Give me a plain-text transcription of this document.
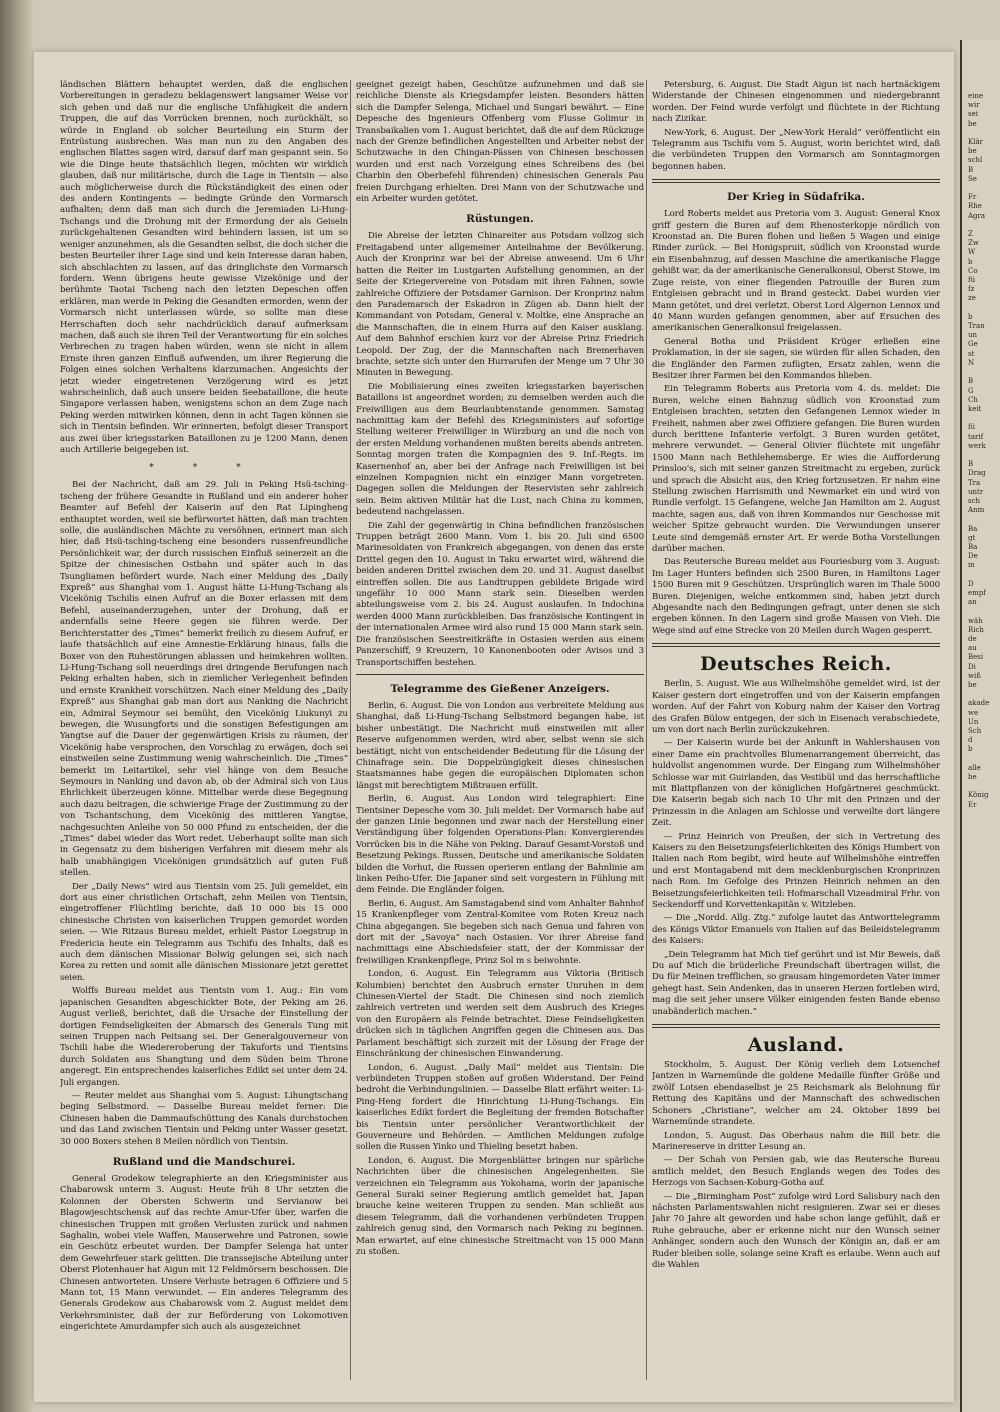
ländischen Blättern behauptet werden, daß die englischen Vorbereitungen in geradezu beklagenswert langsamer Weise vor sich gehen und daß nur die englische Unfähigkeit die andern Truppen, die auf das Vorrücken brennen, noch zurückhält, so würde in England ob solcher Beurteilung ein Sturm der Entrüstung ausbrechen. Was man nun zu den Angaben des englischen Blattes sagen wird, darauf darf man gespannt sein. So wie die Dinge heute thatsächlich liegen, möchten wir wirklich glauben, daß nur militärische, durch die Lage in Tientsin — also auch möglicherweise durch die Rückständigkeit des einen oder des andern Kontingents — bedingte Gründe den Vormarsch aufhalten; denn daß man sich durch die Jeremiaden Li-Hung-Tschangs und die Drohung mit der Ermordung der als Geiseln zurückgehaltenen Gesandten wird behindern lassen, ist um so weniger anzunehmen, als die Gesandten selbst, die doch sicher die besten Beurteiler ihrer Lage sind und kein Interesse daran haben, sich abschlachten zu lassen, auf das dringlichste den Vormarsch fordern. Wenn übrigens heute gewisse Vizekönige und der berühmte Taotai Tscheng nach den letzten Depeschen offen erklären, man werde in Peking die Gesandten ermorden, wenn der Vormarsch nicht unterlassen würde, so sollte man diese Herrschaften doch sehr nachdrücklich darauf aufmerksam machen, daß auch sie ihren Teil der Verantwortung für ein solches Verbrechen zu tragen haben würden, wenn sie nicht in allem Ernste ihren ganzen Einfluß aufwenden, um ihrer Regierung die Folgen eines solchen Verhaltens klarzumachen. Angesichts der jetzt wieder eingetretenen Verzögerung wird es jetzt wahrscheinlich, daß auch unsere beiden Seebataillone, die heute Singapore verlassen haben, wenigstens schon an dem Zuge nach Peking werden mitwirken können, denn in acht Tagen können sie sich in Tientsin befinden. Wir erinnerten, befolgt dieser Transport aus zwei über kriegsstarken Bataillonen zu je 1200 Mann, denen auch Artillerie beigegeben ist.

* * *

Bei der Nachricht, daß am 29. Juli in Peking Hsü-tsching-tscheng der frühere Gesandte in Rußland und ein anderer hoher Beamter auf Befehl der Kaiserin auf den Rat Lipingheng enthauptet worden, weil sie befürwortet hätten, daß man trachten solle, die ausländischen Mächte zu versöhnen, erinnert man sich hier, daß Hsü-tsching-tscheng eine besonders russenfreundliche Persönlichkeit war, der durch russischen Einfluß seinerzeit an die Spitze der chinesischen Ostbahn und später auch in das Tsungliamen befördert wurde. Nach einer Meldung des „Daily Expreß“ aus Shanghai vom 1. August hätte Li-Hung-Tschang als Vicekönig Tschilis einen Aufruf an die Boxer erlassen mit dem Befehl, auseinanderzugehen, unter der Drohung, daß er andernfalls seine Heere gegen sie führen werde. Der Berichterstatter des „Times“ bemerkt freilich zu diesem Aufruf, er laufe thatsächlich auf eine Amnestie-Erklärung hinaus, falls die Boxer von den Ruhestörungen ablassen und heimkehren wollten. Li-Hung-Tschang soll neuerdings drei dringende Berufungen nach Peking erhalten haben, sich in ziemlicher Verlegenheit befinden und ernste Krankheit vorschützen. Nach einer Meldung des „Daily Expreß“ aus Shanghai gab man dort aus Nanking die Nachricht ein, Admiral Seymour sei bemüht, den Vicekönig Liukunyi zu bewegen, die Wusungforts und die sonstigen Befestigungen am Yangtse auf die Dauer der gegenwärtigen Krisis zu räumen, der Vicekönig habe versprochen, den Vorschlag zu erwägen, doch sei einstweilen seine Zustimmung wenig wahrscheinlich. Die „Times“ bemerkt im Leitartikel, sehr viel hänge von dem Besuche Seymours in Nanking und davon ab, ob der Admiral sich von Lius Ehrlichkeit überzeugen könne. Mittelbar werde diese Begegnung auch dazu beitragen, die schwierige Frage der Zustimmung zu der von Tschantschung, dem Vicekönig des mittleren Yangtse, nachgesuchten Anleihe von 50 000 Pfund zu entscheiden, der die „Times“ dabei wieder das Wort redet. Ueberhaupt sollte man sich in Gegensatz zu dem bisherigen Verfahren mit diesem mehr als halb unabhängigen Vicekönigen grundsätzlich auf guten Fuß stellen.

Der „Daily News“ wird aus Tientsin vom 25. Juli gemeldet, ein dort aus einer christlichen Ortschaft, zehn Meilen von Tientsin, eingetroffener Flüchtling berichte, daß 10 000 bis 15 000 chinesische Christen von kaiserlichen Truppen gemordet worden seien. — Wie Ritzaus Bureau meldet, erhielt Pastor Loegstrup in Fredericia heute ein Telegramm aus Tschifu des Inhalts, daß es auch dem dänischen Missionar Bolwig gelungen sei, sich nach Korea zu retten und somit alle dänischen Missionare jetzt gerettet seien.

Wolffs Bureau meldet aus Tientsin vom 1. Aug.: Ein vom japanischen Gesandten abgeschickter Bote, der Peking am 26. August verließ, berichtet, daß die Ursache der Einstellung der dortigen Feindseligkeiten der Abmarsch des Generals Tung mit seinen Truppen nach Peitsang sei. Der Generalgouverneur von Tschili habe die Wiedereroberung der Takuforts und Tientsins durch Soldaten aus Shangtung und dem Süden beim Throne angeregt. Ein entsprechendes kaiserliches Edikt sei unter dem 24. Juli ergangen.

— Reuter meldet aus Shanghai vom 5. August: Lihungtschang beging Selbstmord. — Dasselbe Bureau meldet ferner: Die Chinesen haben die Dammaufschüttung des Kanals durchstochen und das Land zwischen Tientsin und Peking unter Wasser gesetzt. 30 000 Boxers stehen 8 Meilen nördlich von Tientsin.

Rußland und die Mandschurei.

General Grodekow telegraphierte an den Kriegsminister aus Chabarowsk unterm 3. August: Heute früh 8 Uhr setzten die Kolonnen der Obersten Schwerin und Servianow bei Blagowjeschtschensk auf das rechte Amur-Ufer über, warfen die chinesischen Truppen mit großen Verlusten zurück und nahmen Saghalin, wobei viele Waffen, Mauserwehre und Patronen, sowie ein Geschütz erbeutet wurden. Der Dampfer Selenga hat unter dem Gewehrfeuer stark gelitten. Die transsejische Abteilung unter Oberst Plotenhauer hat Aigun mit 12 Feldmörsern beschossen. Die Chinesen antworteten. Unsere Verluste betragen 6 Offiziere und 5 Mann tot, 15 Mann verwundet. — Ein anderes Telegramm des Generals Grodekow aus Chabarowsk vom 2. August meldet dem Verkehrsminister, daß der zur Beförderung von Lokomotiven eingerichtete Amurdampfer sich auch als ausgezeichnet

geeignet gezeigt haben, Geschütze aufzunehmen und daß sie reichliche Dienste als Kriegsdampfer leisten. Besonders hätten sich die Dampfer Selenga, Michael und Sungari bewährt. — Eine Depesche des Ingenieurs Offenberg vom Flusse Golimur in Transbaikalien vom 1. August berichtet, daß die auf dem Rückzuge nach der Grenze befindlichen Angestellten und Arbeiter nebst der Schutzwache in den Chingan-Pässen von Chinesen beschossen wurden und erst nach Vorzeigung eines Schreibens des (bei Charbin den Oberbefehl führenden) chinesischen Generals Pau freien Durchgang erhielten. Drei Mann von der Schutzwache und ein Arbeiter wurden getötet.

Rüstungen.

Die Abreise der letzten Chinareiter aus Potsdam vollzog sich Freitagabend unter allgemeiner Anteilnahme der Bevölkerung. Auch der Kronprinz war bei der Abreise anwesend. Um 6 Uhr hatten die Reiter im Lustgarten Aufstellung genommen, an der Seite der Kriegervereine von Potsdam mit ihren Fahnen, sowie zahlreiche Offiziere der Potsdamer Garnison. Der Kronprinz nahm den Parademarsch der Eskadron in Zügen ab. Dann hielt der Kommandant von Potsdam, General v. Moltke, eine Ansprache an die Mannschaften, die in einem Hurra auf den Kaiser ausklang. Auf dem Bahnhof erschien kurz vor der Abreise Prinz Friedrich Leopold. Der Zug, der die Mannschaften nach Bremerhaven brachte, setzte sich unter den Hurrarufen der Menge um 7 Uhr 30 Minuten in Bewegung.

Die Mobilisierung eines zweiten kriegsstarken bayerischen Bataillons ist angeordnet worden; zu demselben werden auch die Freiwilligen aus dem Beurlaubtenstande genommen. Samstag nachmittag kam der Befehl des Kriegsministers auf sofortige Stellung weiterer Freiwilliger in Würzburg an und die noch von der ersten Meldung vorhandenen mußten bereits abends antreten. Sonntag morgen traten die Kompagnien des 9. Inf.-Regts. im Kasernenhof an, aber bei der Anfrage nach Freiwilligen ist bei einzelnen Kompagnien nicht ein einziger Mann vorgetreten. Dagegen sollen die Meldungen der Reservisten sehr zahlreich sein. Beim aktiven Militär hat die Lust, nach China zu kommen, bedeutend nachgelassen.

Die Zahl der gegenwärtig in China befindlichen französischen Truppen beträgt 2600 Mann. Vom 1. bis 20. Juli sind 6500 Marinesoldaten von Frankreich abgegangen, von denen das erste Drittel gegen den 10. August in Taku erwartet wird, während die beiden anderen Drittel zwischen dem 20. und 31. August daselbst eintreffen sollen. Die aus Landtruppen gebildete Brigade wird ungefähr 10 000 Mann stark sein. Dieselben werden abteilungsweise vom 2. bis 24. August auslaufen. In Indochina werden 4000 Mann zurückbleiben. Das französische Kontingent in der internationalen Armee wird also rund 15 000 Mann stark sein. Die französischen Seestreitkräfte in Ostasien werden aus einem Panzerschiff, 9 Kreuzern, 10 Kanonenbooten oder Avisos und 3 Transportschiffen bestehen.

Telegramme des Gießener Anzeigers.

Berlin, 6. August. Die von London aus verbreitete Meldung aus Shanghai, daß Li-Hung-Tschang Selbstmord begangen habe, ist bisher unbestätigt. Die Nachricht muß einstweilen mit aller Reserve aufgenommen werden, wird aber, selbst wenn sie sich bestätigt, nicht von entscheidender Bedeutung für die Lösung der Chinafrage sein. Die Doppelzüngigkeit dieses chinesischen Staatsmannes habe gegen die europäischen Diplomaten schon längst mit berechtigtem Mißtrauen erfüllt.

Berlin, 6. August. Aus London wird telegraphiert: Eine Tientsiner Depesche vom 30. Juli meldet: Der Vormarsch habe auf der ganzen Linie begonnen und zwar nach der Herstellung einer Verständigung über folgenden Operations-Plan: Konvergierendes Vorrücken bis in die Nähe von Peking. Darauf Gesamt-Vorstoß und Besetzung Pekings. Russen, Deutsche und amerikanische Soldaten bilden die Vorhut, die Russen operieren entlang der Bahnlinie am linken Peiho-Ufer. Die Japaner sind seit vorgestern in Fühlung mit dem Feinde. Die Engländer folgen.

Berlin, 6. August. Am Samstagabend sind vom Anhalter Bahnhof 15 Krankenpfleger vom Zentral-Komitee vom Roten Kreuz nach China abgegangen. Sie begeben sich nach Genua und fahren von dort mit der „Savoya“ nach Ostasien. Vor ihrer Abreise fand nachmittags eine Abschiedsfeier statt, der der Kommissar der freiwilligen Krankenpflege, Prinz Sol m s beiwohnte.

London, 6. August. Ein Telegramm aus Viktoria (Britisch Kolumbien) berichtet den Ausbruch ernster Unruhen in dem Chinesen-Viertel der Stadt. Die Chinesen sind noch ziemlich zahlreich vertreten und werden seit dem Ausbruch des Krieges von den Europäern als Feinde betrachtet. Diese Feindseligkeiten drücken sich in täglichen Angriffen gegen die Chinesen aus. Das Parlament beschäftigt sich zurzeit mit der Lösung der Frage der Einschränkung der chinesischen Einwanderung.

London, 6. August. „Daily Mail“ meldet aus Tientsin: Die verbündeten Truppen stoßen auf großen Widerstand. Der Feind bedroht die Verbindungslinien. — Dasselbe Blatt erfährt weiter: Li-Ping-Heng fordert die Hinrichtung Li-Hung-Tschangs. Ein kaiserliches Edikt fordert die Begleitung der fremden Botschafter bis Tientsin unter persönlicher Verantwortlichkeit der Gouverneure und Behörden. — Amtlichen Meldungen zufolge sollen die Russen Yinko und Thieling besetzt haben.

London, 6. August. Die Morgenblätter bringen nur spärliche Nachrichten über die chinesischen Angelegenheiten. Sie verzeichnen ein Telegramm aus Yokohama, worin der japanische General Suraki seiner Regierung amtlich gemeldet hat, Japan brauche keine weiteren Truppen zu senden. Man schließt aus diesem Telegramm, daß die vorhandenen verbündeten Truppen zahlreich genug sind, den Vormarsch nach Peking zu beginnen. Man erwartet, auf eine chinesische Streitmacht von 15 000 Mann zu stoßen.

Petersburg, 6. August. Die Stadt Aigun ist nach hartnäckigem Widerstande der Chinesen eingenommen und niedergebrannt worden. Der Feind wurde verfolgt und flüchtete in der Richtung nach Zizikar.

New-York, 6. August. Der „New-York Herald“ veröffentlicht ein Telegramm aus Tschifu vom 5. August, worin berichtet wird, daß die verbündeten Truppen den Vormarsch am Sonntagmorgen begonnen haben.

Der Krieg in Südafrika.

Lord Roberts meldet aus Pretoria vom 3. August: General Knox griff gestern die Buren auf dem Rhenosterkopje nördlich von Kroonstad an. Die Buren flohen und ließen 5 Wagen und einige Rinder zurück. — Bei Honigspruit, südlich von Kroonstad wurde ein Eisenbahnzug, auf dessen Maschine die amerikanische Flagge gehißt war, da der amerikanische Generalkonsul, Oberst Stowe, im Zuge reiste, von einer fliegenden Patrouille der Buren zum Entgleisen gebracht und in Brand gesteckt. Dabei wurden vier Mann getötet, und drei verletzt. Oberst Lord Algernon Lennox und 40 Mann wurden gefangen genommen, aber auf Ersuchen des amerikanischen Generalkonsul freigelassen.

General Botha und Präsident Krüger erließen eine Proklamation, in der sie sagen, sie würden für allen Schaden, den die Engländer den Farmen zufügten, Ersatz zahlen, wenn die Besitzer ihrer Farmen bei den Kommandos blieben.

Ein Telegramm Roberts aus Pretoria vom 4. ds. meldet: Die Buren, welche einen Bahnzug südlich von Kroonstad zum Entgleisen brachten, setzten den Gefangenen Lennox wieder in Freiheit, nahmen aber zwei Offiziere gefangen. Die Buren wurden durch berittene Infanterie verfolgt. 3 Buren wurden getötet, mehrere verwundet. — General Olivier flüchtete mit ungefähr 1500 Mann nach Bethlehemsberge. Er wies die Aufforderung Prinsloo's, sich mit seiner ganzen Streitmacht zu ergeben, zurück und sprach die Absicht aus, den Krieg fortzusetzen. Er nahm eine Stellung zwischen Harrismith und Newmarket ein und wird von Rundle verfolgt. 15 Gefangene, welche Jan Hamilton am 2. August machte, sagen aus, daß von ihren Kommandos nur Geschosse mit weicher Spitze gebraucht wurden. Die Verwundungen unserer Leute sind demgemäß ernster Art. Er werde Botha Vorstellungen darüber machen.

Das Reutersche Bureau meldet aus Fouriesburg vom 3. August: Im Lager Hunters befinden sich 2500 Buren, in Hamiltons Lager 1500 Buren mit 9 Geschützen. Ursprünglich waren im Thale 5000 Buren. Diejenigen, welche entkommen sind, haben jetzt durch Abgesandte nach den Bedingungen gefragt, unter denen sie sich ergeben können. In den Lagern sind große Massen von Vieh. Die Wege sind auf eine Strecke von 20 Meilen durch Wagen gesperrt.

Deutsches Reich.

Berlin, 5. August. Wie aus Wilhelmshöhe gemeldet wird, ist der Kaiser gestern dort eingetroffen und von der Kaiserin empfangen worden. Auf der Fahrt von Koburg nahm der Kaiser den Vortrag des Grafen Bülow entgegen, der sich in Eisenach verabschiedete, um von dort nach Berlin zurückzukehren.

— Der Kaiserin wurde bei der Ankunft in Wahlershausen von einer Dame ein prachtvolles Blumenarrangement überreicht, das huldvollst angenommen wurde. Der Eingang zum Wilhelmshöher Schlosse war mit Guirlanden, das Vestibül und das herrschaftliche mit Blattpflanzen von der königlichen Hofgärtnerei geschmückt. Die Kaiserin begab sich nach 10 Uhr mit den Prinzen und der Prinzessin in die Anlagen am Schlosse und verweilte dort längere Zeit.

— Prinz Heinrich von Preußen, der sich in Vertretung des Kaisers zu den Beisetzungsfeierlichkeiten des Königs Humbert von Italien nach Rom begibt, wird heute auf Wilhelmshöhe eintreffen und erst Montagabend mit dem mecklenburgischen Kronprinzen nach Rom. Im Gefolge des Prinzen Heinrich nehmen an den Beisetzungsfeierlichkeiten teil: Hofmarschall Vizeadmiral Frhr. von Seckendorff und Korvettenkapitän v. Witzleben.

— Die „Nordd. Allg. Ztg.“ zufolge lautet das Antworttelegramm des Königs Viktor Emanuels von Italien auf das Beileidstelegramm des Kaisers:

„Dein Telegramm hat Mich tief gerührt und ist Mir Beweis, daß Du auf Mich die brüderliche Freundschaft übertragen willst, die Du für Meinen trefflichen, so grausam hingemordeten Vater immer gehegt hast. Sein Andenken, das in unseren Herzen fortleben wird, mag die seit jeher unsere Völker einigenden festen Bande ebenso unabänderlich machen.“

Ausland.

Stockholm, 5. August. Der König verlieh dem Lotsenchef Jantzen in Warnemünde die goldene Medaille fünfter Größe und zwölf Lotsen ebendaselbst je 25 Reichsmark als Belohnung für Rettung des Kapitäns und der Mannschaft des schwedischen Schoners „Christiane“, welcher am 24. Oktober 1899 bei Warnemünde strandete.

London, 5. August. Das Oberhaus nahm die Bill betr. die Marinereserve in dritter Lesung an.

— Der Schah von Persien gab, wie das Reutersche Bureau amtlich meldet, den Besuch Englands wegen des Todes des Herzogs von Sachsen-Koburg-Gotha auf.

— Die „Birmingham Post“ zufolge wird Lord Salisbury nach den nächsten Parlamentswahlen nicht resignieren. Zwar sei er dieses Jahr 70 Jahre alt geworden und habe schon lange gefühlt, daß er Ruhe gebrauche, aber er erkenne nicht nur den Wunsch seiner Anhänger, sondern auch den Wunsch der Königin an, daß er am Ruder bleiben solle, solange seine Kraft es erlaube. Wenn auch auf die Wahlen

eine
wir
sei
be

Klär
be
schl
B
Se

Fr
Rhe
Agra

Z
Zw
W
b
Co
fü
fz
ze

b
Tran
un
Ge
st
N

B
G
Ch
keit

fü
tarif
werk

B
Drag
Tra
untr
sch
Anm

Ba
gt
Ba
De
m

D
empf
an

wäh
Rich
de
au
Besi
Di
wiß
be

akade
we
Un
Sch
d
b

alle
be

König
Er
